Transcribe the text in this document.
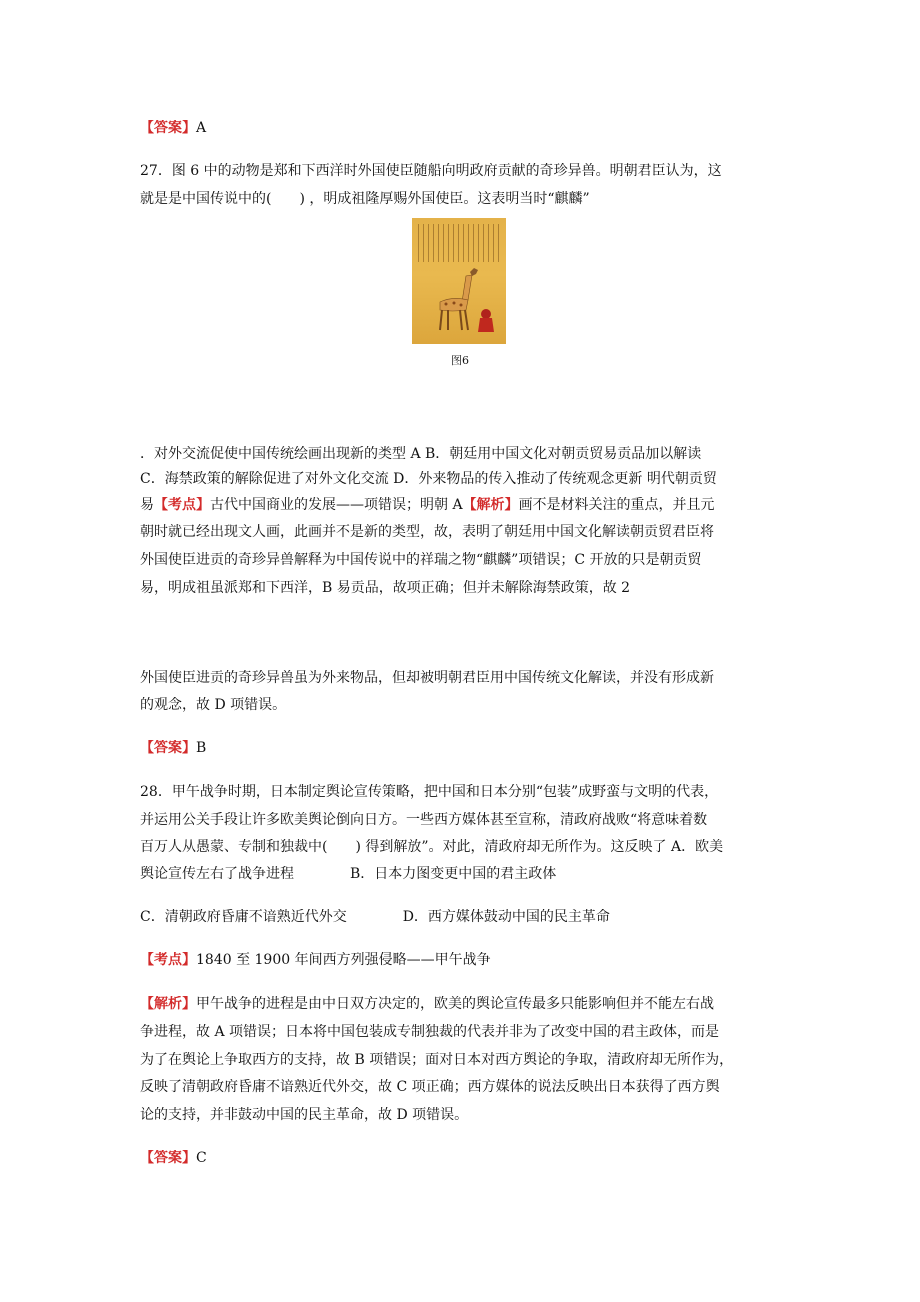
【答案】A
27．图 6 中的动物是郑和下西洋时外国使臣随船向明政府贡献的奇珍异兽。明朝君臣认为，这
就是是中国传说中的(　　) ，明成祖隆厚赐外国使臣。这表明当时“麒麟”
图6
．对外交流促使中国传统绘画出现新的类型 A B．朝廷用中国文化对朝贡贸易贡品加以解读
C．海禁政策的解除促进了对外文化交流 D．外来物品的传入推动了传统观念更新 明代朝贡贸
易【考点】古代中国商业的发展——项错误；明朝 A【解析】画不是材料关注的重点，并且元
朝时就已经出现文人画，此画并不是新的类型，故，表明了朝廷用中国文化解读朝贡贸君臣将
外国使臣进贡的奇珍异兽解释为中国传说中的祥瑞之物“麒麟”项错误；C 开放的只是朝贡贸
易，明成祖虽派郑和下西洋，B 易贡品，故项正确；但并未解除海禁政策，故 2
外国使臣进贡的奇珍异兽虽为外来物品，但却被明朝君臣用中国传统文化解读，并没有形成新
的观念，故 D 项错误。
【答案】B
28．甲午战争时期，日本制定舆论宣传策略，把中国和日本分别“包装”成野蛮与文明的代表，
并运用公关手段让许多欧美舆论倒向日方。一些西方媒体甚至宣称，清政府战败“将意味着数
百万人从愚蒙、专制和独裁中(　　) 得到解放”。对此，清政府却无所作为。这反映了 A．欧美
舆论宣传左右了战争进程　　　　B．日本力图变更中国的君主政体
C．清朝政府昏庸不谙熟近代外交　　　　D．西方媒体鼓动中国的民主革命
【考点】1840 至 1900 年间西方列强侵略——甲午战争
【解析】甲午战争的进程是由中日双方决定的，欧美的舆论宣传最多只能影响但并不能左右战
争进程，故 A 项错误；日本将中国包装成专制独裁的代表并非为了改变中国的君主政体，而是
为了在舆论上争取西方的支持，故 B 项错误；面对日本对西方舆论的争取，清政府却无所作为，
反映了清朝政府昏庸不谙熟近代外交，故 C 项正确；西方媒体的说法反映出日本获得了西方舆
论的支持，并非鼓动中国的民主革命，故 D 项错误。
【答案】C
